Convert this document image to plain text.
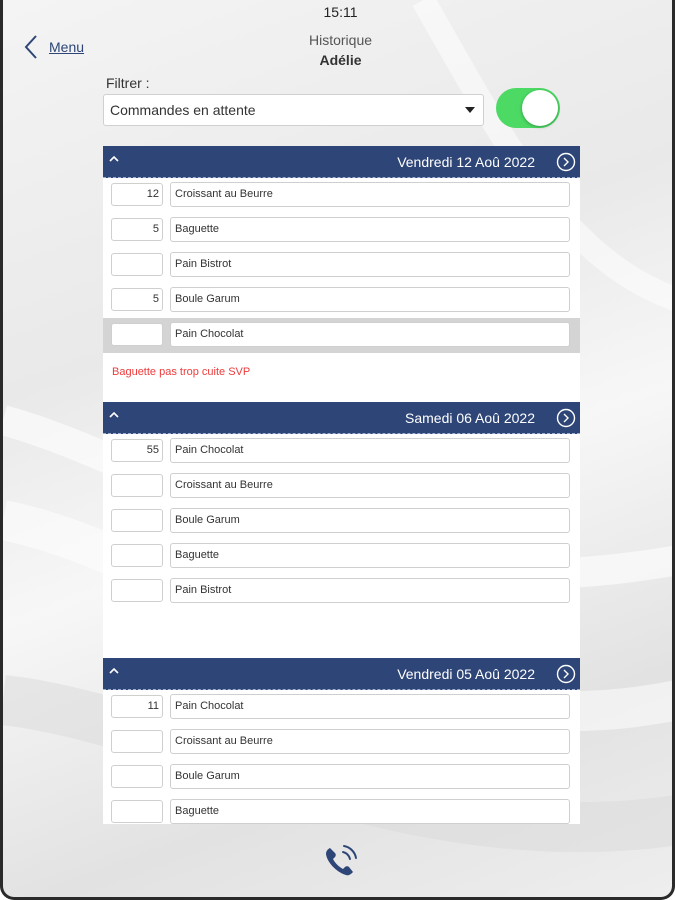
15:11
Menu	Historique
Adélie
Filtrer :
Commandes en attente
Vendredi 12 Aoû 2022
12	Croissant au Beurre
5	Baguette
Pain Bistrot
5	Boule Garum
Pain Chocolat
Baguette pas trop cuite SVP
Samedi 06 Aoû 2022
55	Pain Chocolat
Croissant au Beurre
Boule Garum
Baguette
Pain Bistrot
Vendredi 05 Aoû 2022
11	Pain Chocolat
Croissant au Beurre
Boule Garum
Baguette
